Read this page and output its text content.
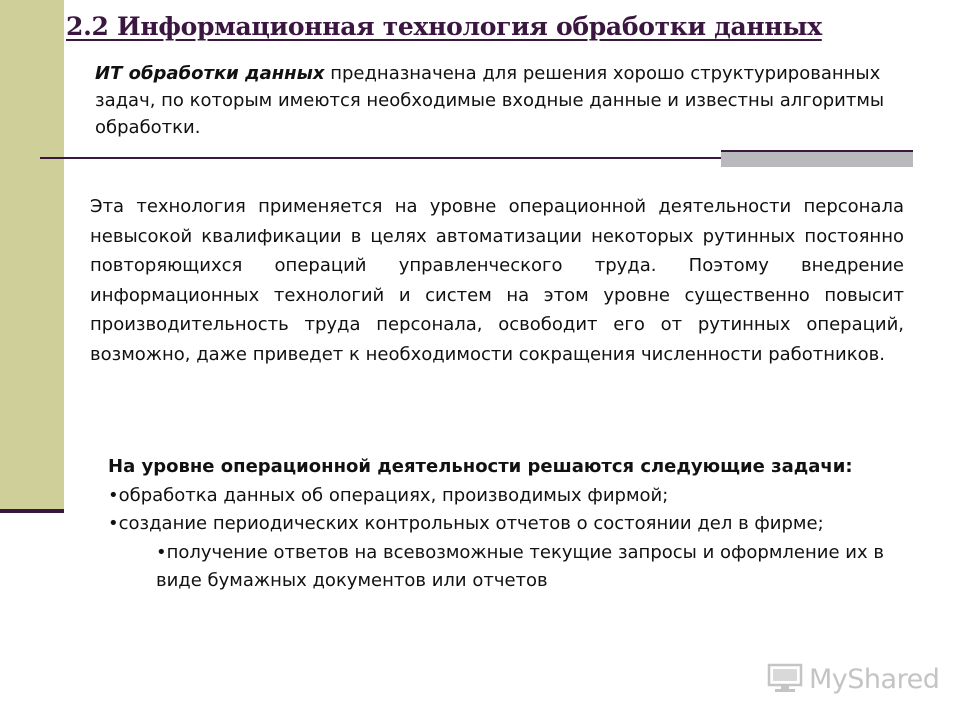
2.2 Информационная технология обработки данных
ИТ обработки данных предназначена для решения хорошо структурированных задач, по которым имеются необходимые входные данные и известны алгоритмы обработки.
Эта технология применяется на уровне операционной деятельности персонала невысокой квалификации в целях автоматизации некоторых рутинных постоянно повторяющихся операций управленческого труда. Поэтому внедрение информационных технологий и систем на этом уровне существенно повысит производительность труда персонала, освободит его от рутинных операций, возможно, даже приведет к необходимости сокращения численности работников.
На уровне операционной деятельности решаются следующие задачи:

•обработка данных об операциях, производимых фирмой;

•создание периодических контрольных отчетов о состоянии дел в фирме;

•получение ответов на всевозможные текущие запросы и оформление их в виде бумажных документов или отчетов

MyShared
